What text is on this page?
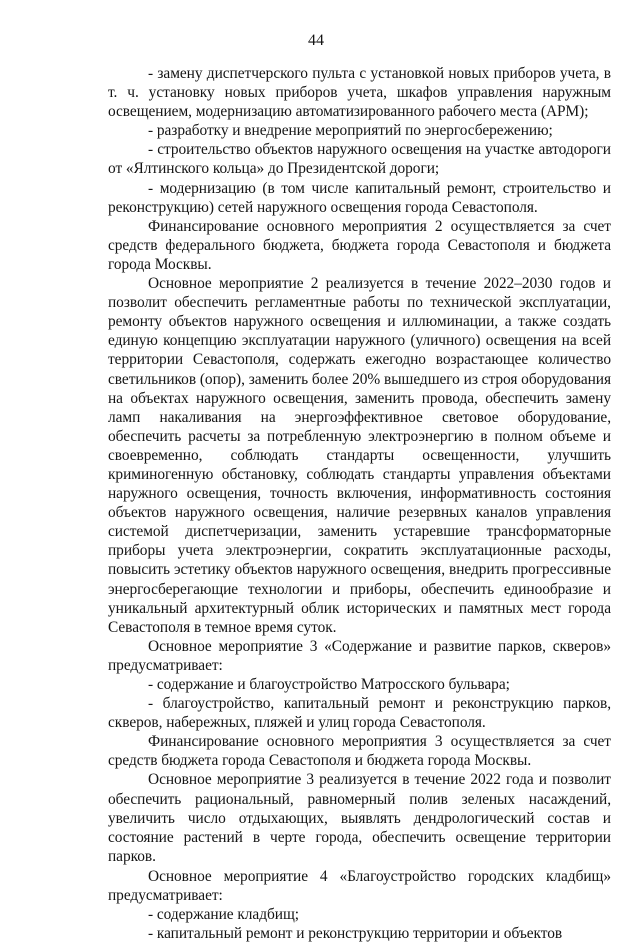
44

- замену диспетчерского пульта с установкой новых приборов учета, в т. ч. установку новых приборов учета, шкафов управления наружным освещением, модернизацию автоматизированного рабочего места (АРМ);

- разработку и внедрение мероприятий по энергосбережению;

- строительство объектов наружного освещения на участке автодороги от «Ялтинского кольца» до Президентской дороги;

- модернизацию (в том числе капитальный ремонт, строительство и реконструкцию) сетей наружного освещения города Севастополя.

Финансирование основного мероприятия 2 осуществляется за счет средств федерального бюджета, бюджета города Севастополя и бюджета города Москвы.

Основное мероприятие 2 реализуется в течение 2022–2030 годов и позволит обеспечить регламентные работы по технической эксплуатации, ремонту объектов наружного освещения и иллюминации, а также создать единую концепцию эксплуатации наружного (уличного) освещения на всей территории Севастополя, содержать ежегодно возрастающее количество светильников (опор), заменить более 20% вышедшего из строя оборудования на объектах наружного освещения, заменить провода, обеспечить замену ламп накаливания на энергоэффективное световое оборудование, обеспечить расчеты за потребленную электроэнергию в полном объеме и своевременно, соблюдать стандарты освещенности, улучшить криминогенную обстановку, соблюдать стандарты управления объектами наружного освещения, точность включения, информативность состояния объектов наружного освещения, наличие резервных каналов управления системой диспетчеризации, заменить устаревшие трансформаторные приборы учета электроэнергии, сократить эксплуатационные расходы, повысить эстетику объектов наружного освещения, внедрить прогрессивные энергосберегающие технологии и приборы, обеспечить единообразие и уникальный архитектурный облик исторических и памятных мест города Севастополя в темное время суток.

Основное мероприятие 3 «Содержание и развитие парков, скверов» предусматривает:

- содержание и благоустройство Матросского бульвара;

- благоустройство, капитальный ремонт и реконструкцию парков, скверов, набережных, пляжей и улиц города Севастополя.

Финансирование основного мероприятия 3 осуществляется за счет средств бюджета города Севастополя и бюджета города Москвы.

Основное мероприятие 3 реализуется в течение 2022 года и позволит обеспечить рациональный, равномерный полив зеленых насаждений, увеличить число отдыхающих, выявлять дендрологический состав и состояние растений в черте города, обеспечить освещение территории парков.

Основное мероприятие 4 «Благоустройство городских кладбищ» предусматривает:

- содержание кладбищ;

- капитальный ремонт и реконструкцию территории и объектов
